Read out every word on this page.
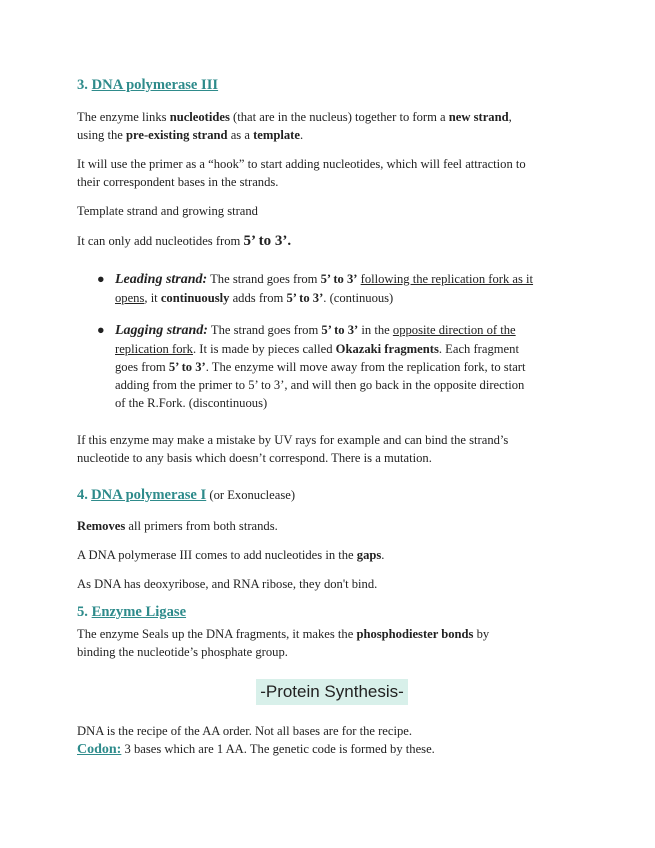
3. DNA polymerase III
The enzyme links nucleotides (that are in the nucleus) together to form a new strand,
using the pre-existing strand as a template.
It will use the primer as a “hook” to start adding nucleotides, which will feel attraction to
their correspondent bases in the strands.
Template strand and growing strand
It can only add nucleotides from 5’ to 3’.
● Leading strand: The strand goes from 5’ to 3’ following the replication fork as it
opens, it continuously adds from 5’ to 3’. (continuous)
● Lagging strand: The strand goes from 5’ to 3’ in the opposite direction of the
replication fork. It is made by pieces called Okazaki fragments. Each fragment
goes from 5’ to 3’. The enzyme will move away from the replication fork, to start
adding from the primer to 5’ to 3’, and will then go back in the opposite direction
of the R.Fork. (discontinuous)
If this enzyme may make a mistake by UV rays for example and can bind the strand’s
nucleotide to any basis which doesn’t correspond. There is a mutation.
4. DNA polymerase I (or Exonuclease)
Removes all primers from both strands.
A DNA polymerase III comes to add nucleotides in the gaps.
As DNA has deoxyribose, and RNA ribose, they don't bind.
5. Enzyme Ligase
The enzyme Seals up the DNA fragments, it makes the phosphodiester bonds by
binding the nucleotide’s phosphate group.
-Protein Synthesis-
DNA is the recipe of the AA order. Not all bases are for the recipe.
Codon: 3 bases which are 1 AA. The genetic code is formed by these.
